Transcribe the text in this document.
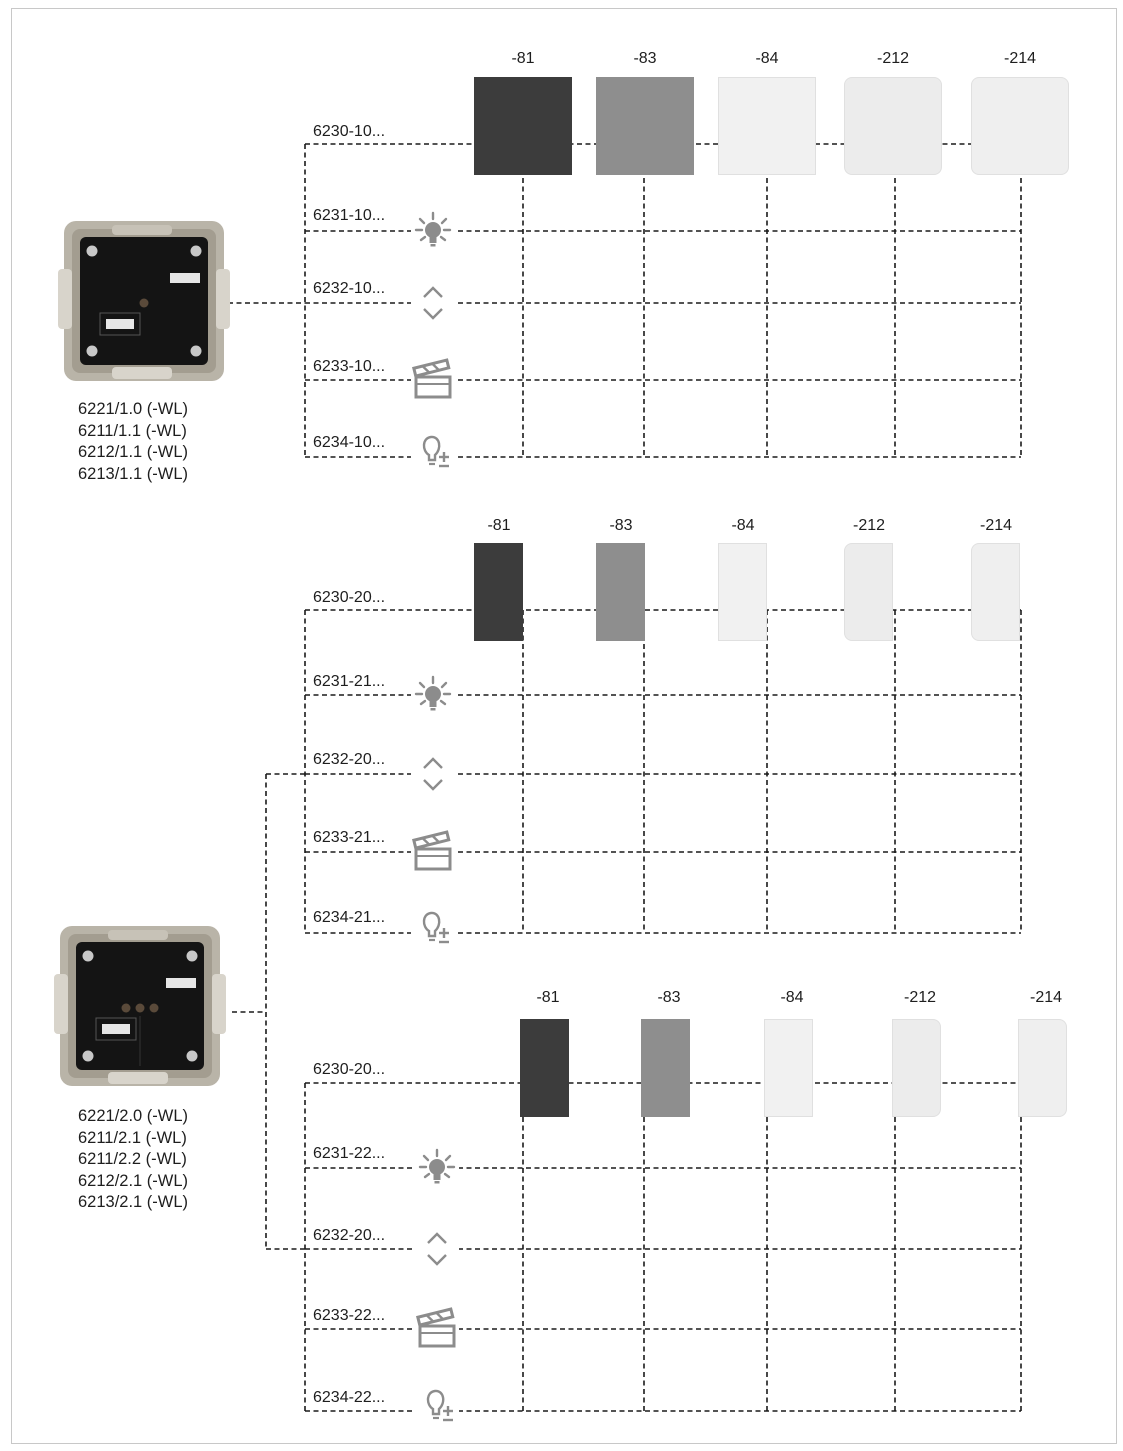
-81	-83	-84	-212	-214
6230-10...
6231-10...
6232-10...
6233-10...
6234-10...
-81	-83	-84	-212	-214
6230-20...
6231-21...
6232-20...
6233-21...
6234-21...
-81	-83	-84	-212	-214
6230-20...
6231-22...
6232-20...
6233-22...
6234-22...
6221/1.0 (-WL)
6211/1.1 (-WL)
6212/1.1 (-WL)
6213/1.1 (-WL)
6221/2.0 (-WL)
6211/2.1 (-WL)
6211/2.2 (-WL)
6212/2.1 (-WL)
6213/2.1 (-WL)
